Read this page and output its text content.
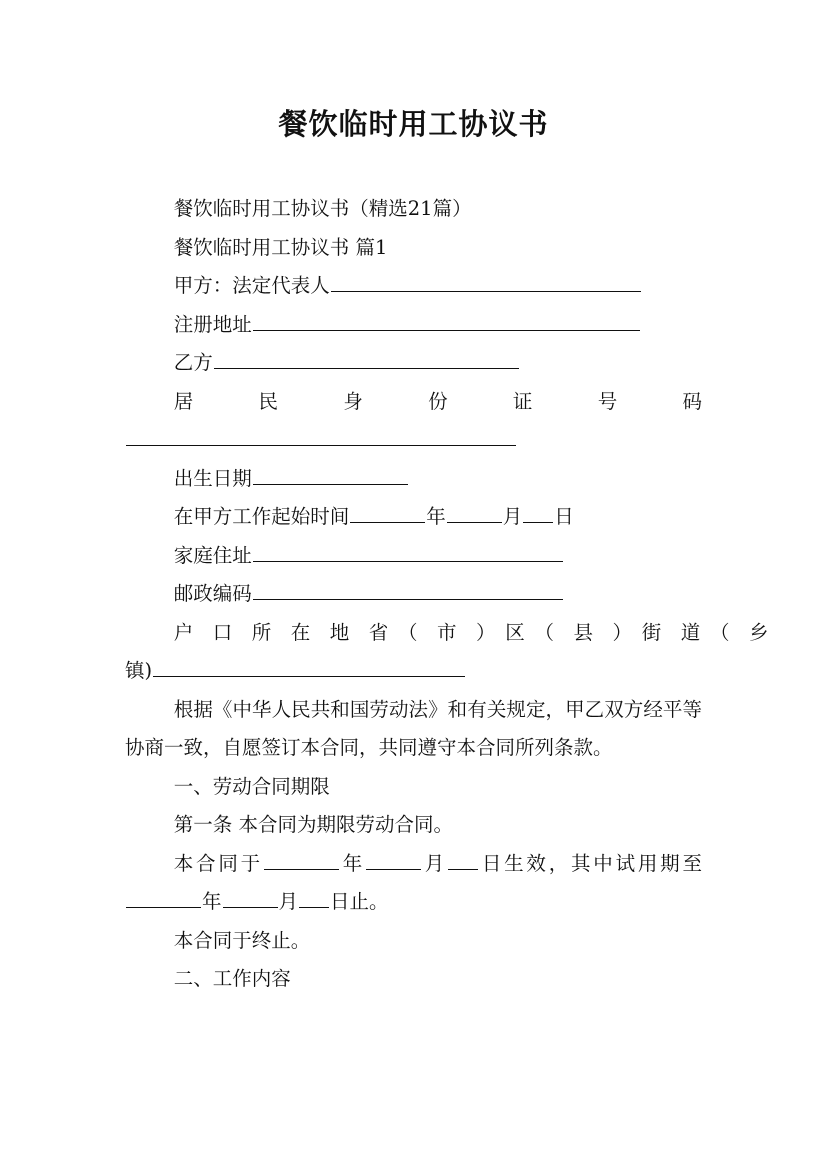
餐饮临时用工协议书

餐饮临时用工协议书（精选21篇）

餐饮临时用工协议书 篇1

甲方：法定代表人

注册地址

乙方

居　　民　　身　　份　　证　　号　　码

出生日期

在甲方工作起始时间	年	月 日

家庭住址

邮政编码

户　口　所　在　地　省　（　市　）　区　（　县　）　街　道　（　乡

镇)

根据《中华人民共和国劳动法》和有关规定，甲乙双方经平等协商一致，自愿签订本合同，共同遵守本合同所列条款。

一、劳动合同期限

第一条 本合同为期限劳动合同。

本合同于	年	月 日生效，其中试用期至 年	月 日止。

本合同于终止。

二、工作内容
